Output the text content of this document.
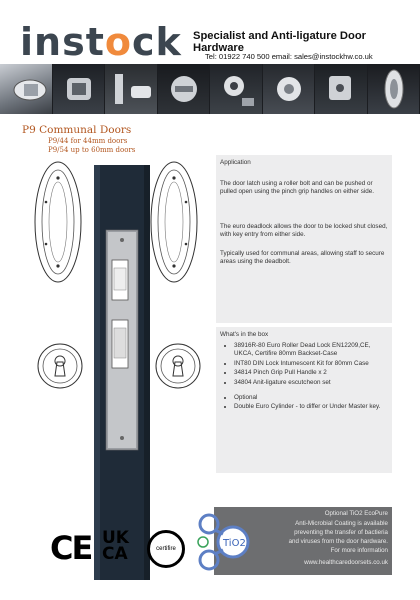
instock Specialist and Anti-ligature Door Hardware
Tel: 01922 740 500 email: sales@instockhw.co.uk
P9 Communal Doors
P9/44 for 44mm doors
P9/54 up to 60mm doors
Application
The door latch using a roller bolt and can be pushed or pulled open using the pinch grip handles on either side.
The euro deadlock allows the door to be locked shut closed, with key entry from either side.
Typically used for communal areas, allowing staff to secure areas using the deadbolt.
What's in the box
• 38916R-80 Euro Roller Dead Lock EN12209,CE, UKCA, Certifire 80mm Backset-Case
• INT80 DIN Lock Intumescent Kit for 80mm Case
• 34814 Pinch Grip Pull Handle x 2
• 34804 Anit-ligature escutcheon set
• Optional
• Double Euro Cylinder - to differ or Under Master key.
CE UK
CA	certifire
Optional TiO2 EcoPure
Anti-Microbial Coating is available
preventing the transfer of bactieria
and viruses from the door hardware.
For more information
www.healthcaredoorsets.co.uk
TiO2
